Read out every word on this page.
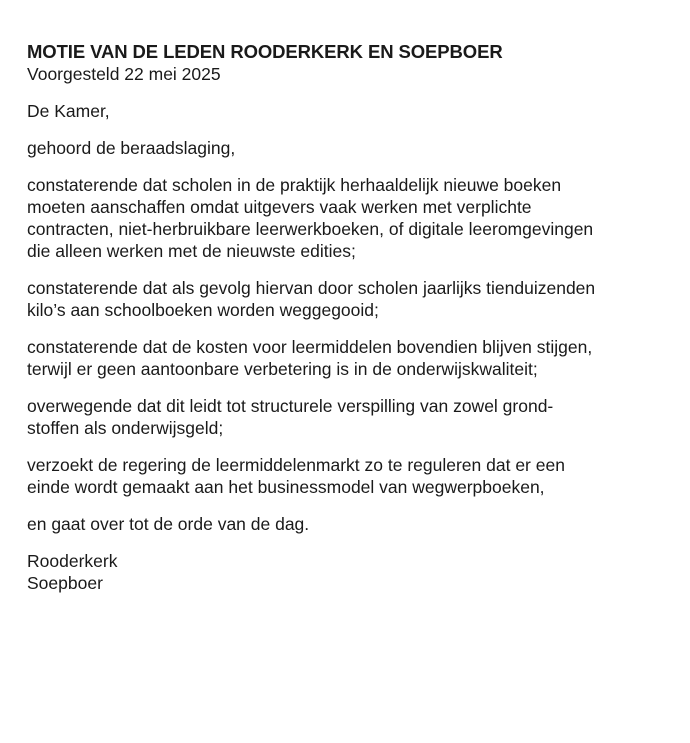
MOTIE VAN DE LEDEN ROODERKERK EN SOEPBOER

Voorgesteld 22 mei 2025

De Kamer,

gehoord de beraadslaging,

constaterende dat scholen in de praktijk herhaaldelijk nieuwe boeken
moeten aanschaffen omdat uitgevers vaak werken met verplichte
contracten, niet-herbruikbare leerwerkboeken, of digitale leeromgevingen
die alleen werken met de nieuwste edities;

constaterende dat als gevolg hiervan door scholen jaarlijks tienduizenden
kilo’s aan schoolboeken worden weggegooid;

constaterende dat de kosten voor leermiddelen bovendien blijven stijgen,
terwijl er geen aantoonbare verbetering is in de onderwijskwaliteit;

overwegende dat dit leidt tot structurele verspilling van zowel grond-
stoffen als onderwijsgeld;

verzoekt de regering de leermiddelenmarkt zo te reguleren dat er een
einde wordt gemaakt aan het businessmodel van wegwerpboeken,

en gaat over tot de orde van de dag.

Rooderkerk
Soepboer
